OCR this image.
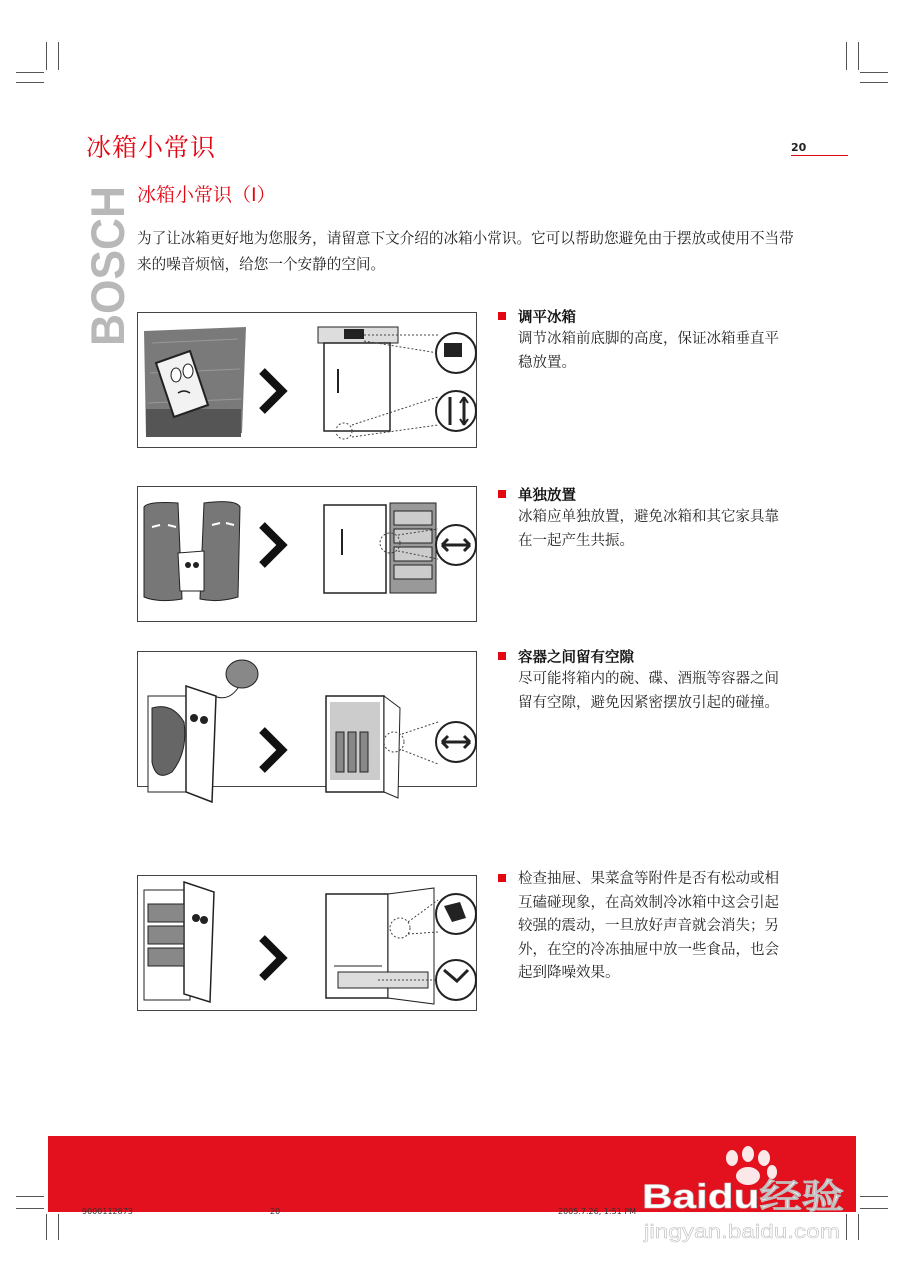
冰箱小常识	20
BOSCH 冰箱小常识（I）
为了让冰箱更好地为您服务，请留意下文介绍的冰箱小常识。它可以帮助您避免由于摆放或使用不当带来的噪音烦恼，给您一个安静的空间。
调平冰箱
调节冰箱前底脚的高度，保证冰箱垂直平稳放置。
单独放置
冰箱应单独放置，避免冰箱和其它家具靠在一起产生共振。
容器之间留有空隙
尽可能将箱内的碗、碟、酒瓶等容器之间留有空隙，避免因紧密摆放引起的碰撞。
检查抽屉、果菜盒等附件是否有松动或相互磕碰现象，在高效制冷冰箱中这会引起较强的震动，一旦放好声音就会消失；另外，在空的冷冻抽屉中放一些食品，也会起到降噪效果。
9000112873	20	2005.7.26, 1:51 PM Baidu经验
jingyan.baidu.com
